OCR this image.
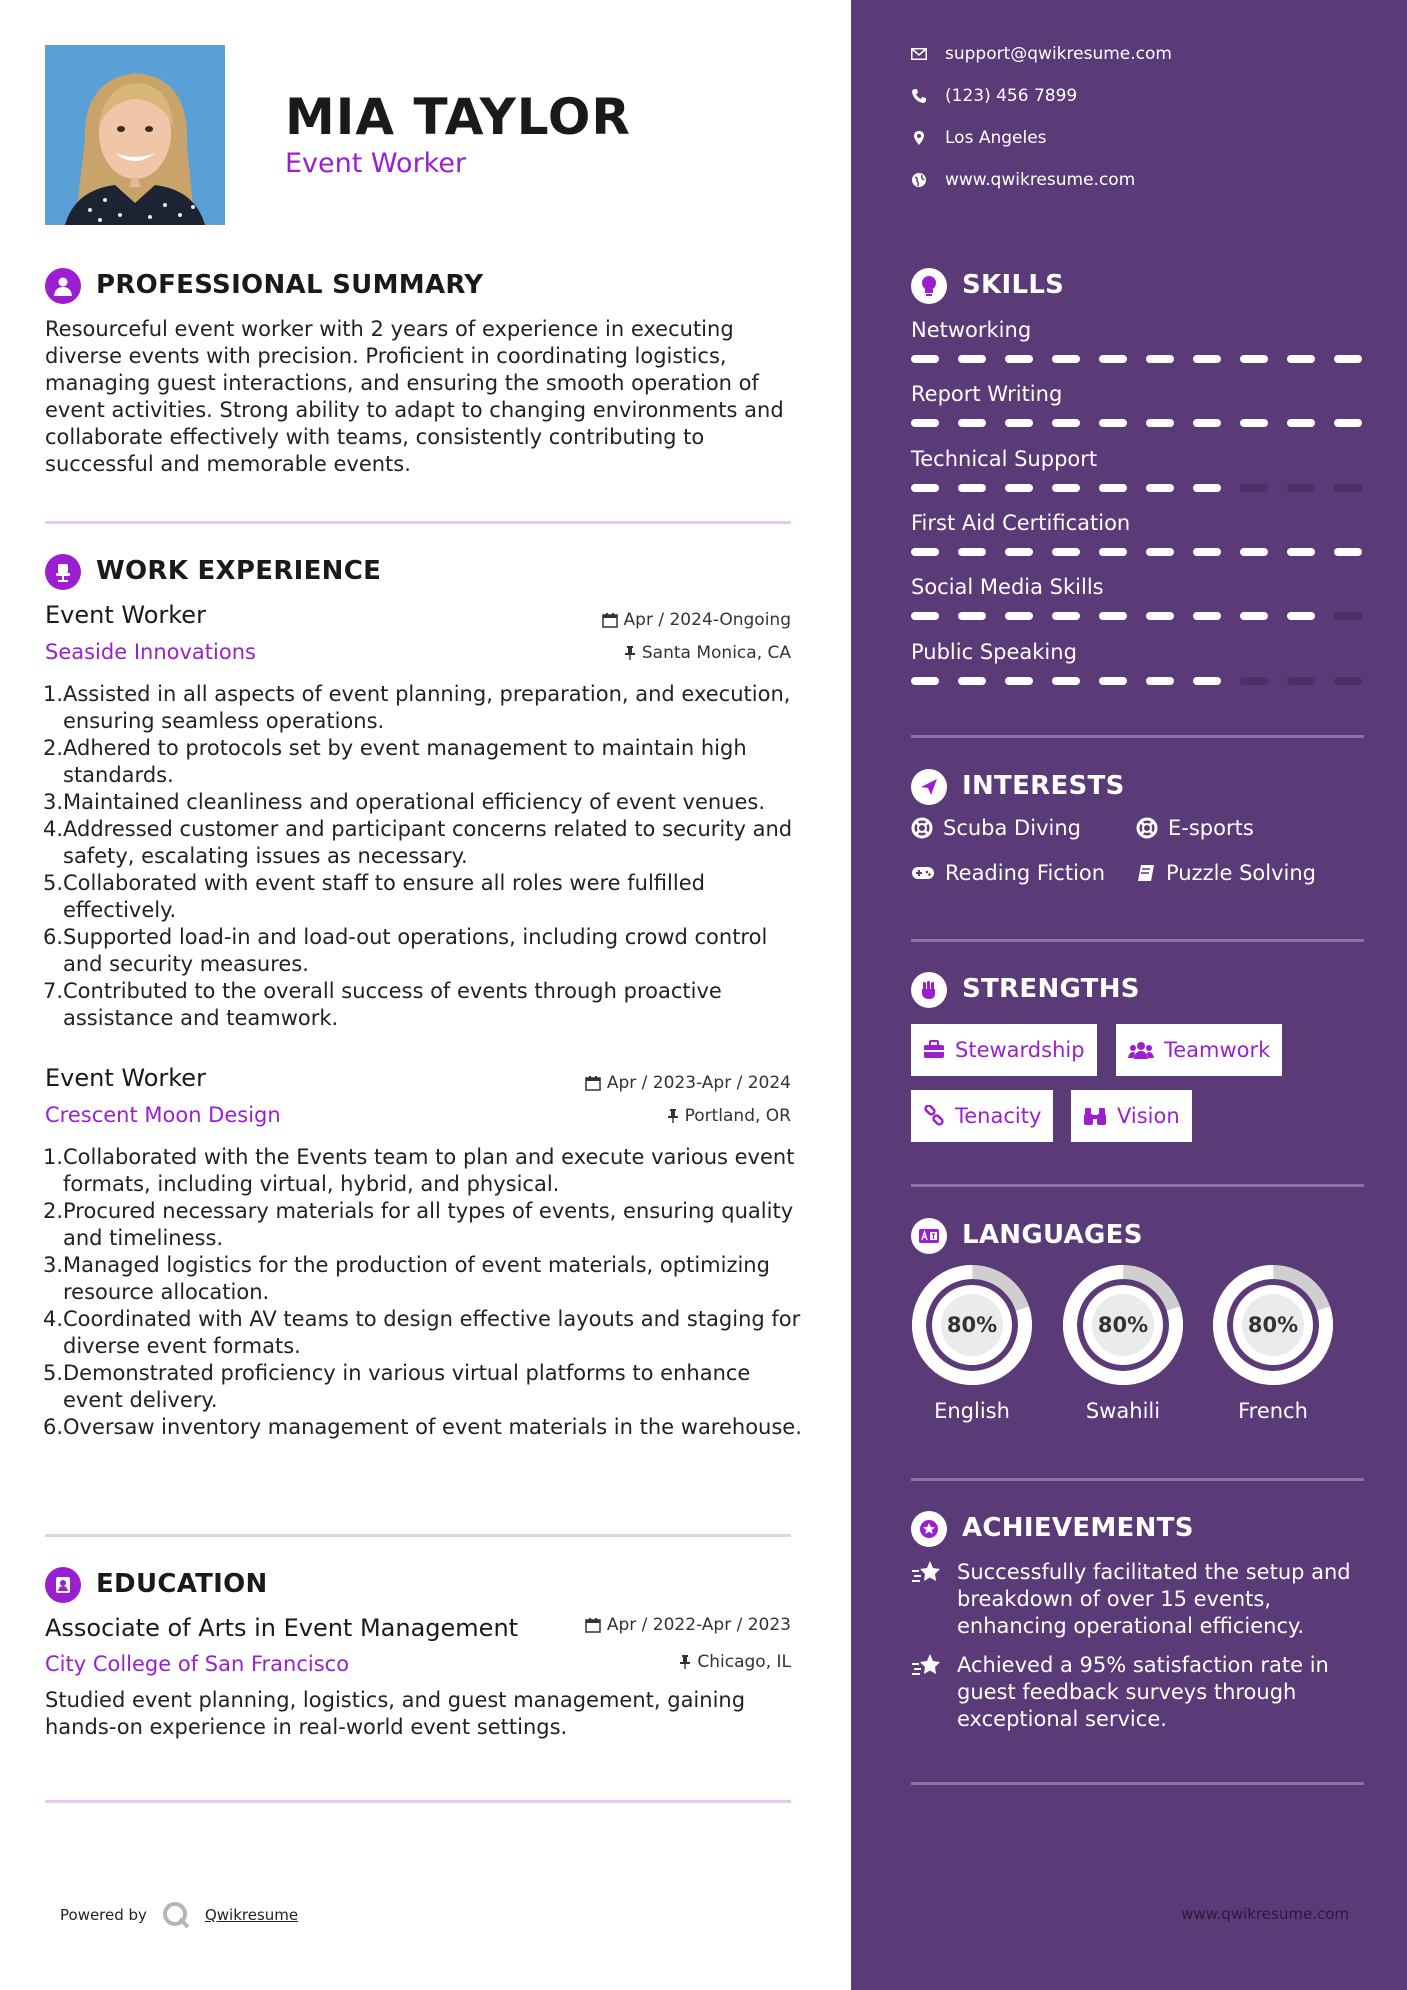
MIA TAYLOR
Event Worker
PROFESSIONAL SUMMARY
Resourceful event worker with 2 years of experience in executing diverse events with precision. Proficient in coordinating logistics, managing guest interactions, and ensuring the smooth operation of event activities. Strong ability to adapt to changing environments and collaborate effectively with teams, consistently contributing to successful and memorable events.
WORK EXPERIENCE
Event Worker	Apr / 2024-Ongoing
Seaside Innovations	Santa Monica, CA
Assisted in all aspects of event planning, preparation, and execution, ensuring seamless operations.
Adhered to protocols set by event management to maintain high standards.
Maintained cleanliness and operational efficiency of event venues.
Addressed customer and participant concerns related to security and safety, escalating issues as necessary.
Collaborated with event staff to ensure all roles were fulfilled effectively.
Supported load-in and load-out operations, including crowd control and security measures.
Contributed to the overall success of events through proactive assistance and teamwork.
Event Worker	Apr / 2023-Apr / 2024
Crescent Moon Design	Portland, OR
Collaborated with the Events team to plan and execute various event formats, including virtual, hybrid, and physical.
Procured necessary materials for all types of events, ensuring quality and timeliness.
Managed logistics for the production of event materials, optimizing resource allocation.
Coordinated with AV teams to design effective layouts and staging for diverse event formats.
Demonstrated proficiency in various virtual platforms to enhance event delivery.
Oversaw inventory management of event materials in the warehouse.
EDUCATION
Associate of Arts in Event Management	Apr / 2022-Apr / 2023
City College of San Francisco	Chicago, IL
Studied event planning, logistics, and guest management, gaining hands-on experience in real-world event settings.
Powered by	Qwikresume
support@qwikresume.com
(123) 456 7899
Los Angeles
www.qwikresume.com
SKILLS
Networking
Report Writing
Technical Support
First Aid Certification
Social Media Skills
Public Speaking
INTERESTS
Scuba Diving	E-sports
Reading Fiction	Puzzle Solving
STRENGTHS
Stewardship	Teamwork
Tenacity	Vision
LANGUAGES
80%
English
80%
Swahili
80%
French
ACHIEVEMENTS
Successfully facilitated the setup and breakdown of over 15 events, enhancing operational efficiency.
Achieved a 95% satisfaction rate in guest feedback surveys through exceptional service.
www.qwikresume.com
